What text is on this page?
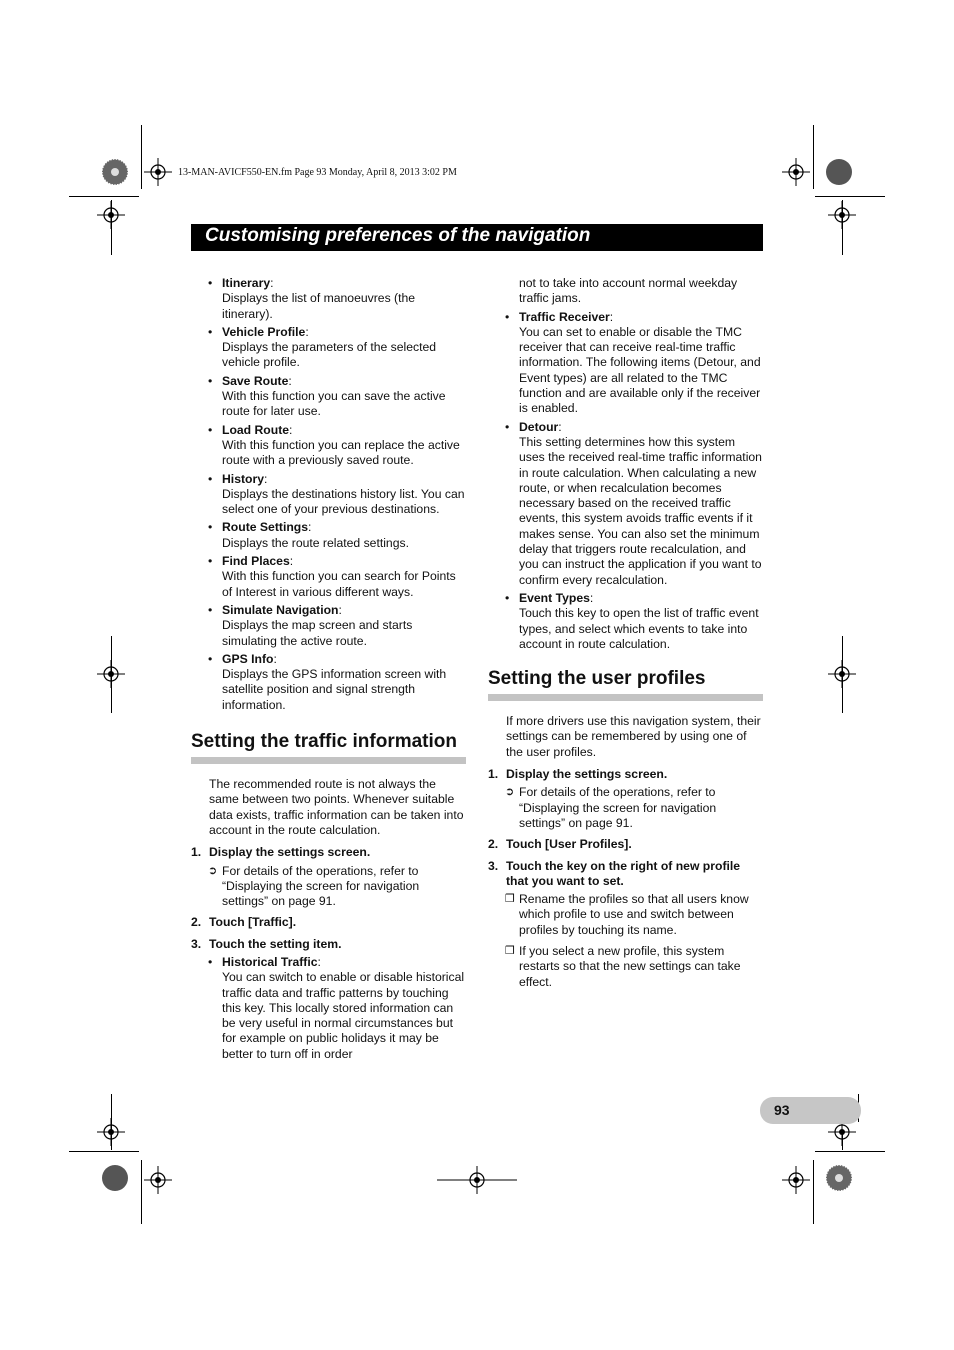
13-MAN-AVICF550-EN.fm Page 93 Monday, April 8, 2013 3:02 PM
Customising preferences of the navigation
•
Itinerary:
Displays the list of manoeuvres (the itinerary).
•
Vehicle Profile:
Displays the parameters of the selected vehicle profile.
•
Save Route:
With this function you can save the active route for later use.
•
Load Route:
With this function you can replace the active route with a previously saved route.
•
History:
Displays the destinations history list. You can select one of your previous destinations.
•
Route Settings:
Displays the route related settings.
•
Find Places:
With this function you can search for Points of Interest in various different ways.
•
Simulate Navigation:
Displays the map screen and starts simulating the active route.
•
GPS Info:
Displays the GPS information screen with satellite position and signal strength information.
Setting the traffic information
The recommended route is not always the same between two points. Whenever suitable data exists, traffic information can be taken into account in the route calculation.
1. Display the settings screen.
➲ For details of the operations, refer to “Displaying the screen for navigation settings” on page 91.
2. Touch [Traffic].
3. Touch the setting item.
•
Historical Traffic:
You can switch to enable or disable historical traffic data and traffic patterns by touching this key. This locally stored information can be very useful in normal circumstances but for example on public holidays it may be better to turn off in order
not to take into account normal weekday traffic jams.
•
Traffic Receiver:
You can set to enable or disable the TMC receiver that can receive real-time traffic information. The following items (Detour, and Event types) are all related to the TMC function and are available only if the receiver is enabled.
•
Detour:
This setting determines how this system uses the received real-time traffic information in route calculation. When calculating a new route, or when recalculation becomes necessary based on the received traffic events, this system avoids traffic events if it makes sense. You can also set the minimum delay that triggers route recalculation, and you can instruct the application if you want to confirm every recalculation.
•
Event Types:
Touch this key to open the list of traffic event types, and select which events to take into account in route calculation.
Setting the user profiles
If more drivers use this navigation system, their settings can be remembered by using one of the user profiles.
1. Display the settings screen.
➲ For details of the operations, refer to “Displaying the screen for navigation settings” on page 91.
2. Touch [User Profiles].
3. Touch the key on the right of new profile that you want to set.
❒ Rename the profiles so that all users know which profile to use and switch between profiles by touching its name.
❒ If you select a new profile, this system restarts so that the new settings can take effect.
93
